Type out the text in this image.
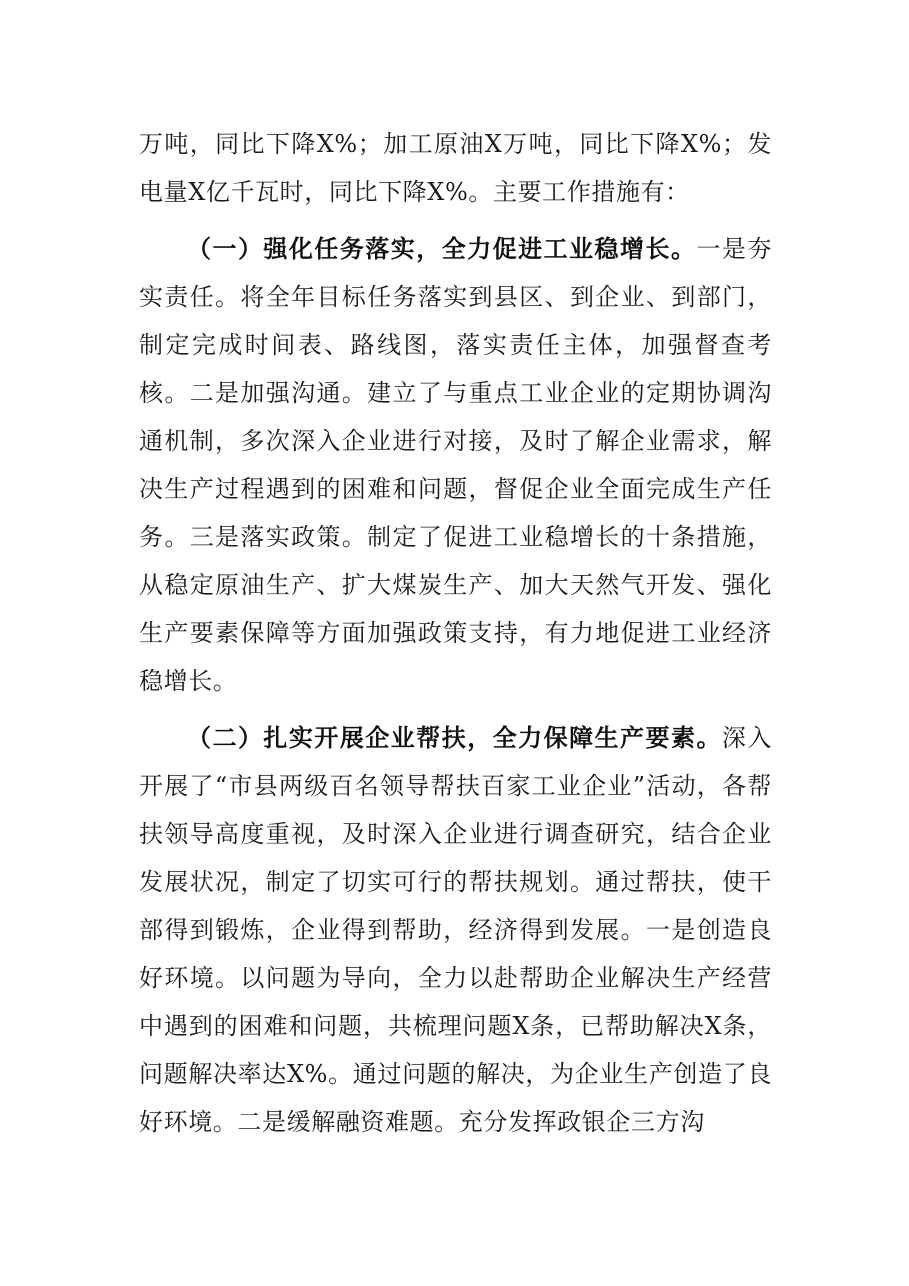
万吨，同比下降X%；加工原油X万吨，同比下降X%；发电量X亿千瓦时，同比下降X%。主要工作措施有：

（一）强化任务落实，全力促进工业稳增长。一是夯实责任。将全年目标任务落实到县区、到企业、到部门，制定完成时间表、路线图，落实责任主体，加强督查考核。二是加强沟通。建立了与重点工业企业的定期协调沟通机制，多次深入企业进行对接，及时了解企业需求，解决生产过程遇到的困难和问题，督促企业全面完成生产任务。三是落实政策。制定了促进工业稳增长的十条措施，从稳定原油生产、扩大煤炭生产、加大天然气开发、强化生产要素保障等方面加强政策支持，有力地促进工业经济稳增长。

（二）扎实开展企业帮扶，全力保障生产要素。深入开展了“市县两级百名领导帮扶百家工业企业”活动，各帮扶领导高度重视，及时深入企业进行调查研究，结合企业发展状况，制定了切实可行的帮扶规划。通过帮扶，使干部得到锻炼，企业得到帮助，经济得到发展。一是创造良好环境。以问题为导向，全力以赴帮助企业解决生产经营中遇到的困难和问题，共梳理问题X条，已帮助解决X条，问题解决率达X%。通过问题的解决，为企业生产创造了良好环境。二是缓解融资难题。充分发挥政银企三方沟
